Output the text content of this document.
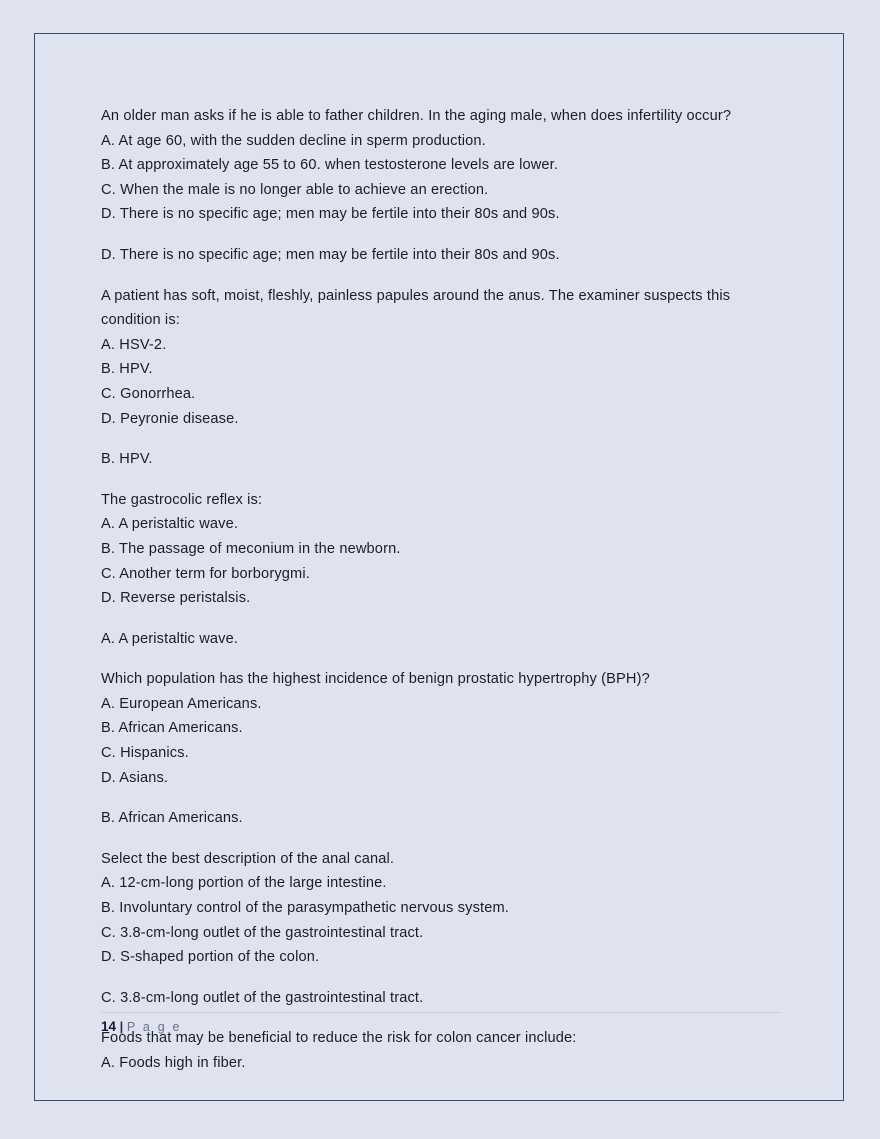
An older man asks if he is able to father children. In the aging male, when does infertility occur?
A. At age 60, with the sudden decline in sperm production.
B. At approximately age 55 to 60. when testosterone levels are lower.
C. When the male is no longer able to achieve an erection.
D. There is no specific age; men may be fertile into their 80s and 90s.
D. There is no specific age; men may be fertile into their 80s and 90s.
A patient has soft, moist, fleshly, painless papules around the anus. The examiner suspects this condition is:
A. HSV-2.
B. HPV.
C. Gonorrhea.
D. Peyronie disease.
B. HPV.
The gastrocolic reflex is:
A. A peristaltic wave.
B. The passage of meconium in the newborn.
C. Another term for borborygmi.
D. Reverse peristalsis.
A. A peristaltic wave.
Which population has the highest incidence of benign prostatic hypertrophy (BPH)?
A. European Americans.
B. African Americans.
C. Hispanics.
D. Asians.
B. African Americans.
Select the best description of the anal canal.
A. 12-cm-long portion of the large intestine.
B. Involuntary control of the parasympathetic nervous system.
C. 3.8-cm-long outlet of the gastrointestinal tract.
D. S-shaped portion of the colon.
C. 3.8-cm-long outlet of the gastrointestinal tract.
Foods that may be beneficial to reduce the risk for colon cancer include:
A. Foods high in fiber.
14 | P a g e
